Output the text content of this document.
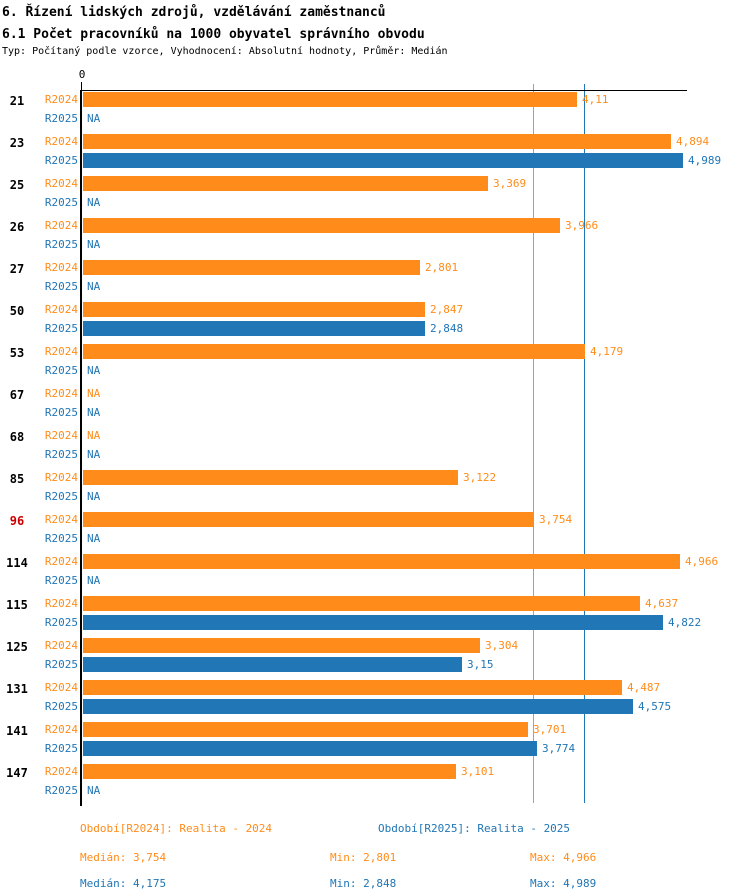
6. Řízení lidských zdrojů, vzdělávání zaměstnanců
6.1 Počet pracovníků na 1000 obyvatel správního obvodu
Typ: Počítaný podle vzorce, Vyhodnocení: Absolutní hodnoty, Průměr: Medián
0
21	R2024	4,11
R2025 NA
23	R2024	4,894
R2025	4,989
25	R2024	3,369
R2025 NA
26	R2024	3,966
R2025 NA
27	R2024	2,801
R2025 NA
50	R2024	2,847
R2025	2,848
53	R2024	4,179
R2025 NA
67	R2024 NA
R2025 NA
68	R2024 NA
R2025 NA
85	R2024	3,122
R2025 NA
96	R2024	3,754
R2025 NA
114	R2024	4,966
R2025 NA
115	R2024	4,637
R2025	4,822
125	R2024	3,304
R2025	3,15
131	R2024	4,487
R2025	4,575
141	R2024	3,701
R2025	3,774
147	R2024	3,101
R2025 NA
Období[R2024]: Realita - 2024	Období[R2025]: Realita - 2025
Medián: 3,754	Min: 2,801	Max: 4,966
Medián: 4,175	Min: 2,848	Max: 4,989
